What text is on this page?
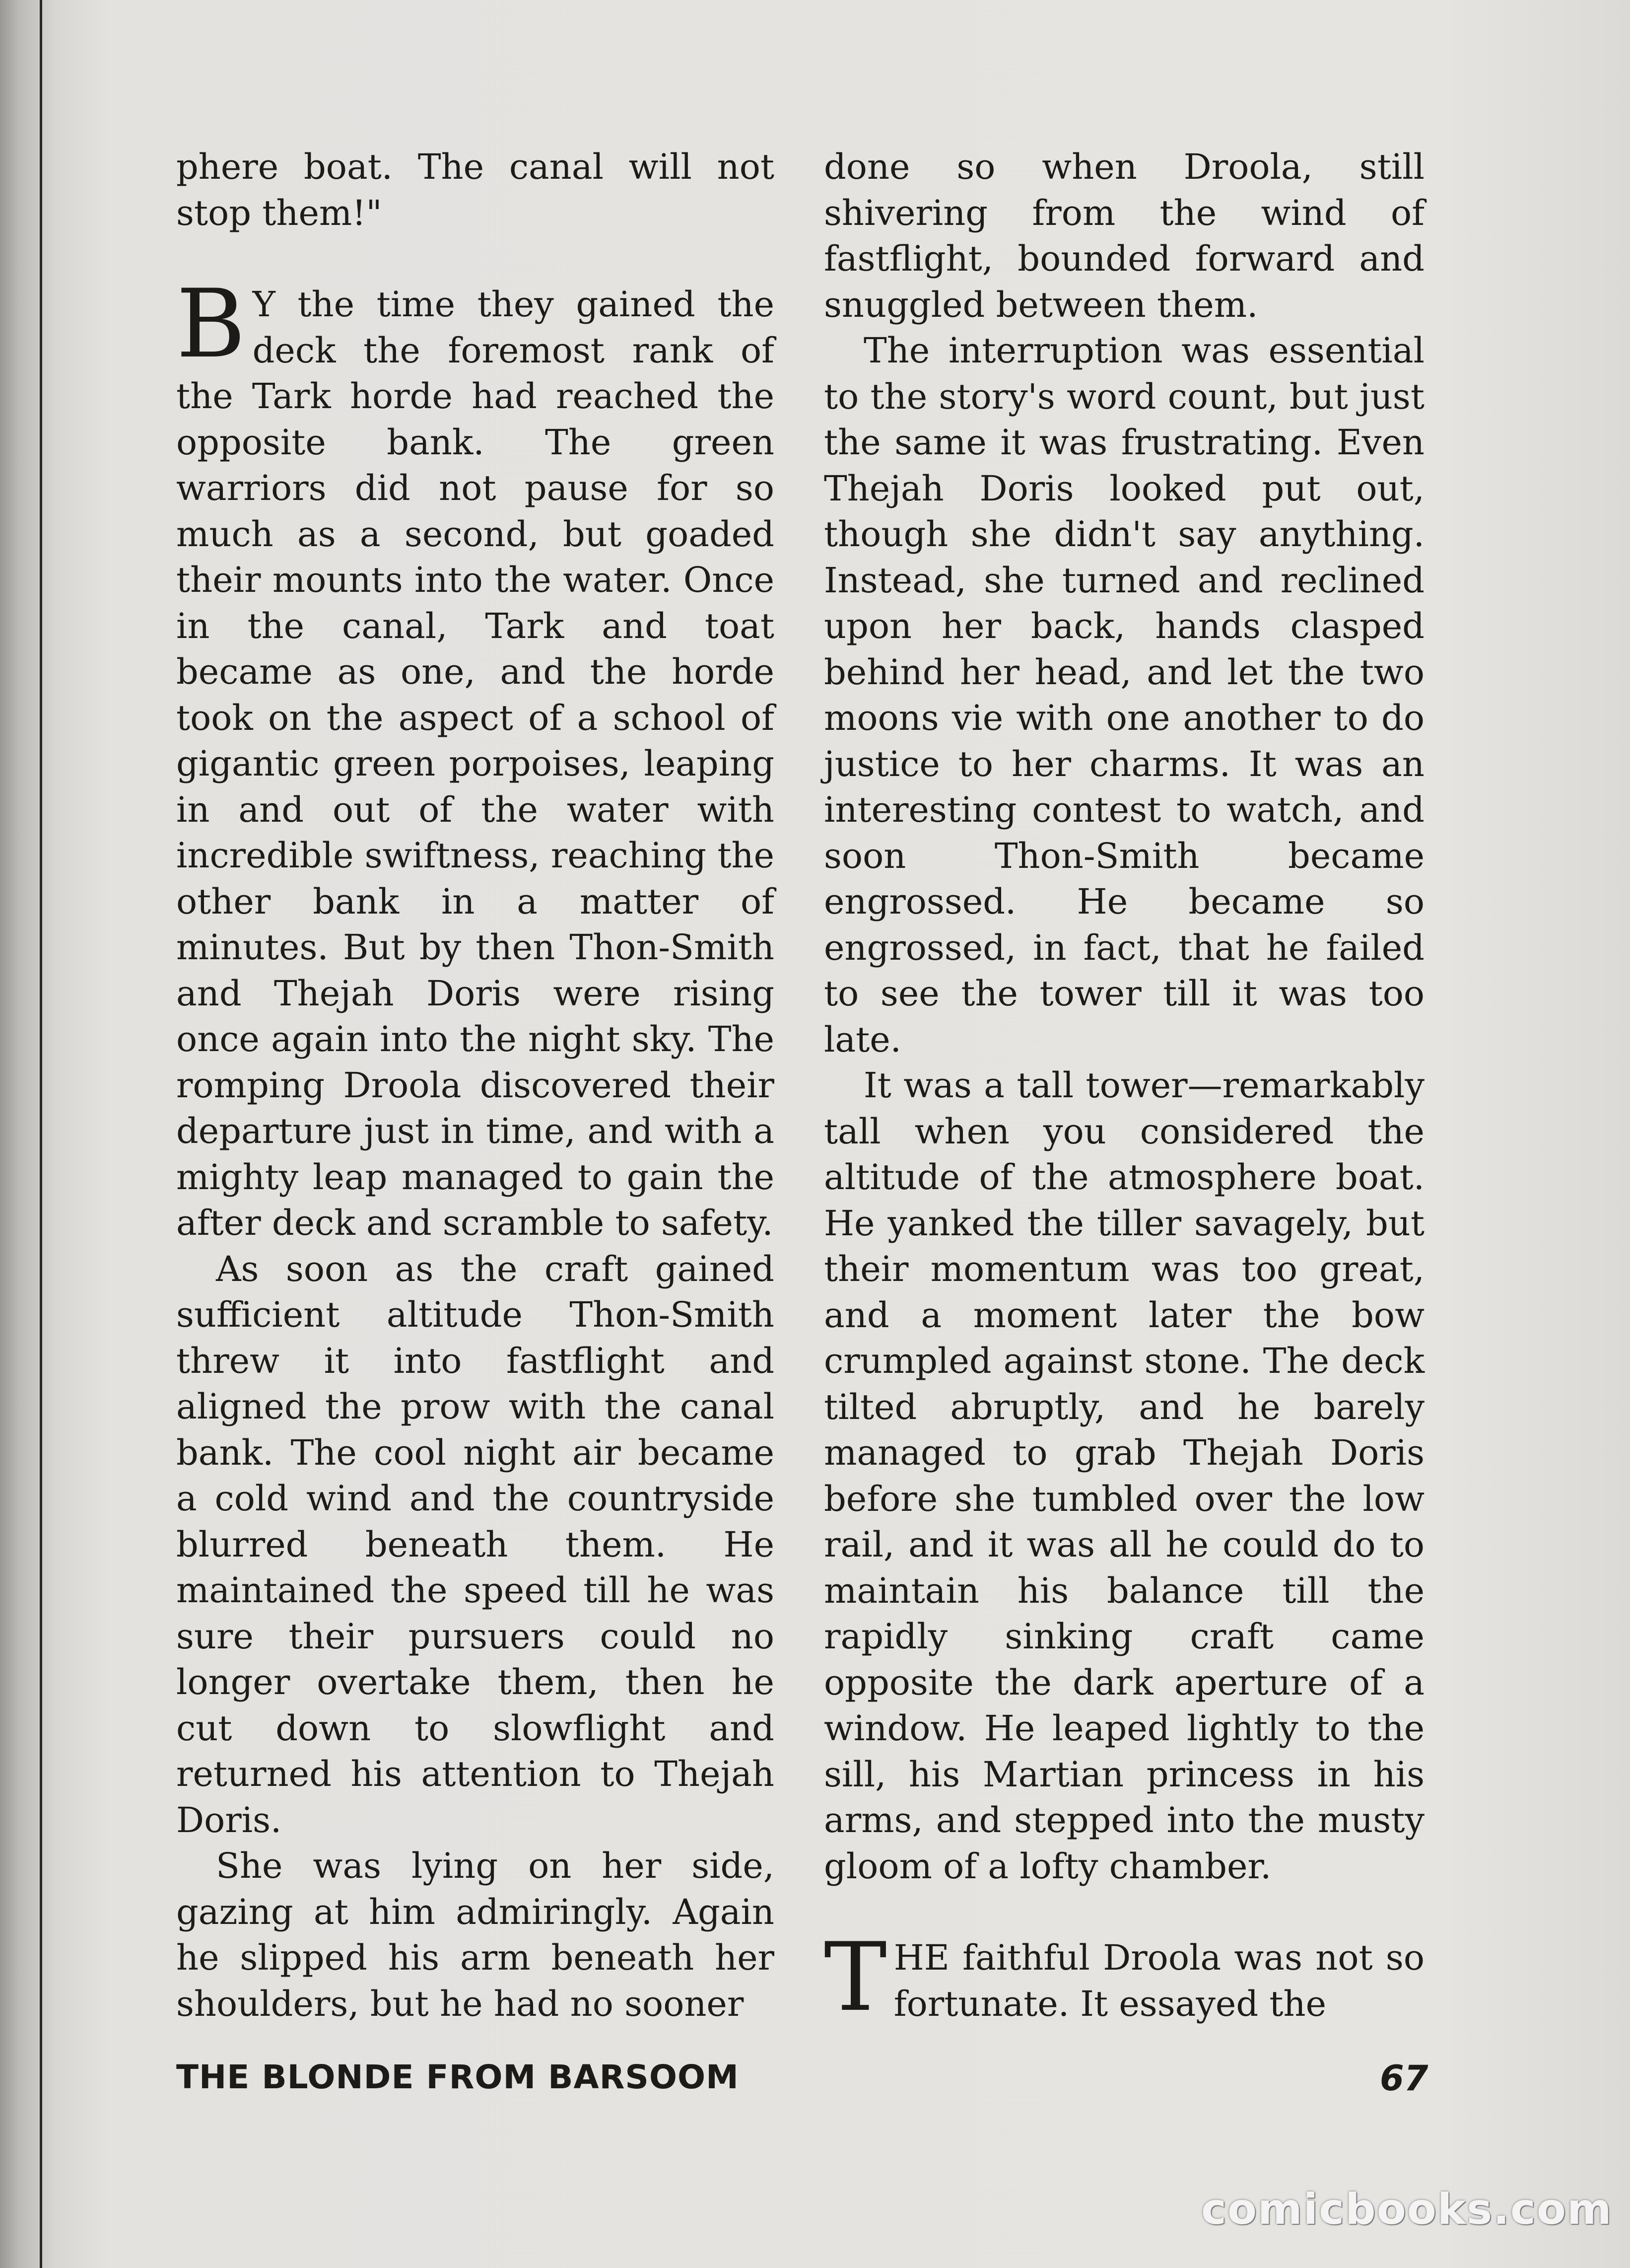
phere boat. The canal will not stop them!"

B Y the time they gained the deck the foremost rank of the Tark horde had reached the opposite bank. The green warriors did not pause for so much as a second, but goaded their mounts into the water. Once in the canal, Tark and toat became as one, and the horde took on the aspect of a school of gigantic green porpoises, leaping in and out of the water with incredible swiftness, reaching the other bank in a matter of minutes. But by then Thon-Smith and Thejah Doris were rising once again into the night sky. The romping Droola discovered their departure just in time, and with a mighty leap managed to gain the after deck and scramble to safety.

As soon as the craft gained sufficient altitude Thon-Smith threw it into fastflight and aligned the prow with the canal bank. The cool night air became a cold wind and the countryside blurred beneath them. He maintained the speed till he was sure their pursuers could no longer overtake them, then he cut down to slowflight and returned his attention to Thejah Doris.

She was lying on her side, gazing at him admiringly. Again he slipped his arm beneath her shoulders, but he had no sooner

done so when Droola, still shivering from the wind of fastflight, bounded forward and snuggled between them.

The interruption was essential to the story's word count, but just the same it was frustrating. Even Thejah Doris looked put out, though she didn't say anything. Instead, she turned and reclined upon her back, hands clasped behind her head, and let the two moons vie with one another to do justice to her charms. It was an interesting contest to watch, and soon Thon-Smith became engrossed. He became so engrossed, in fact, that he failed to see the tower till it was too late.

It was a tall tower—remarkably tall when you considered the altitude of the atmosphere boat. He yanked the tiller savagely, but their momentum was too great, and a moment later the bow crumpled against stone. The deck tilted abruptly, and he barely managed to grab Thejah Doris before she tumbled over the low rail, and it was all he could do to maintain his balance till the rapidly sinking craft came opposite the dark aperture of a window. He leaped lightly to the sill, his Martian princess in his arms, and stepped into the musty gloom of a lofty chamber.

THE faithful Droola was not so fortunate. It essayed the

THE BLONDE FROM BARSOOM	67
comicbooks.com
